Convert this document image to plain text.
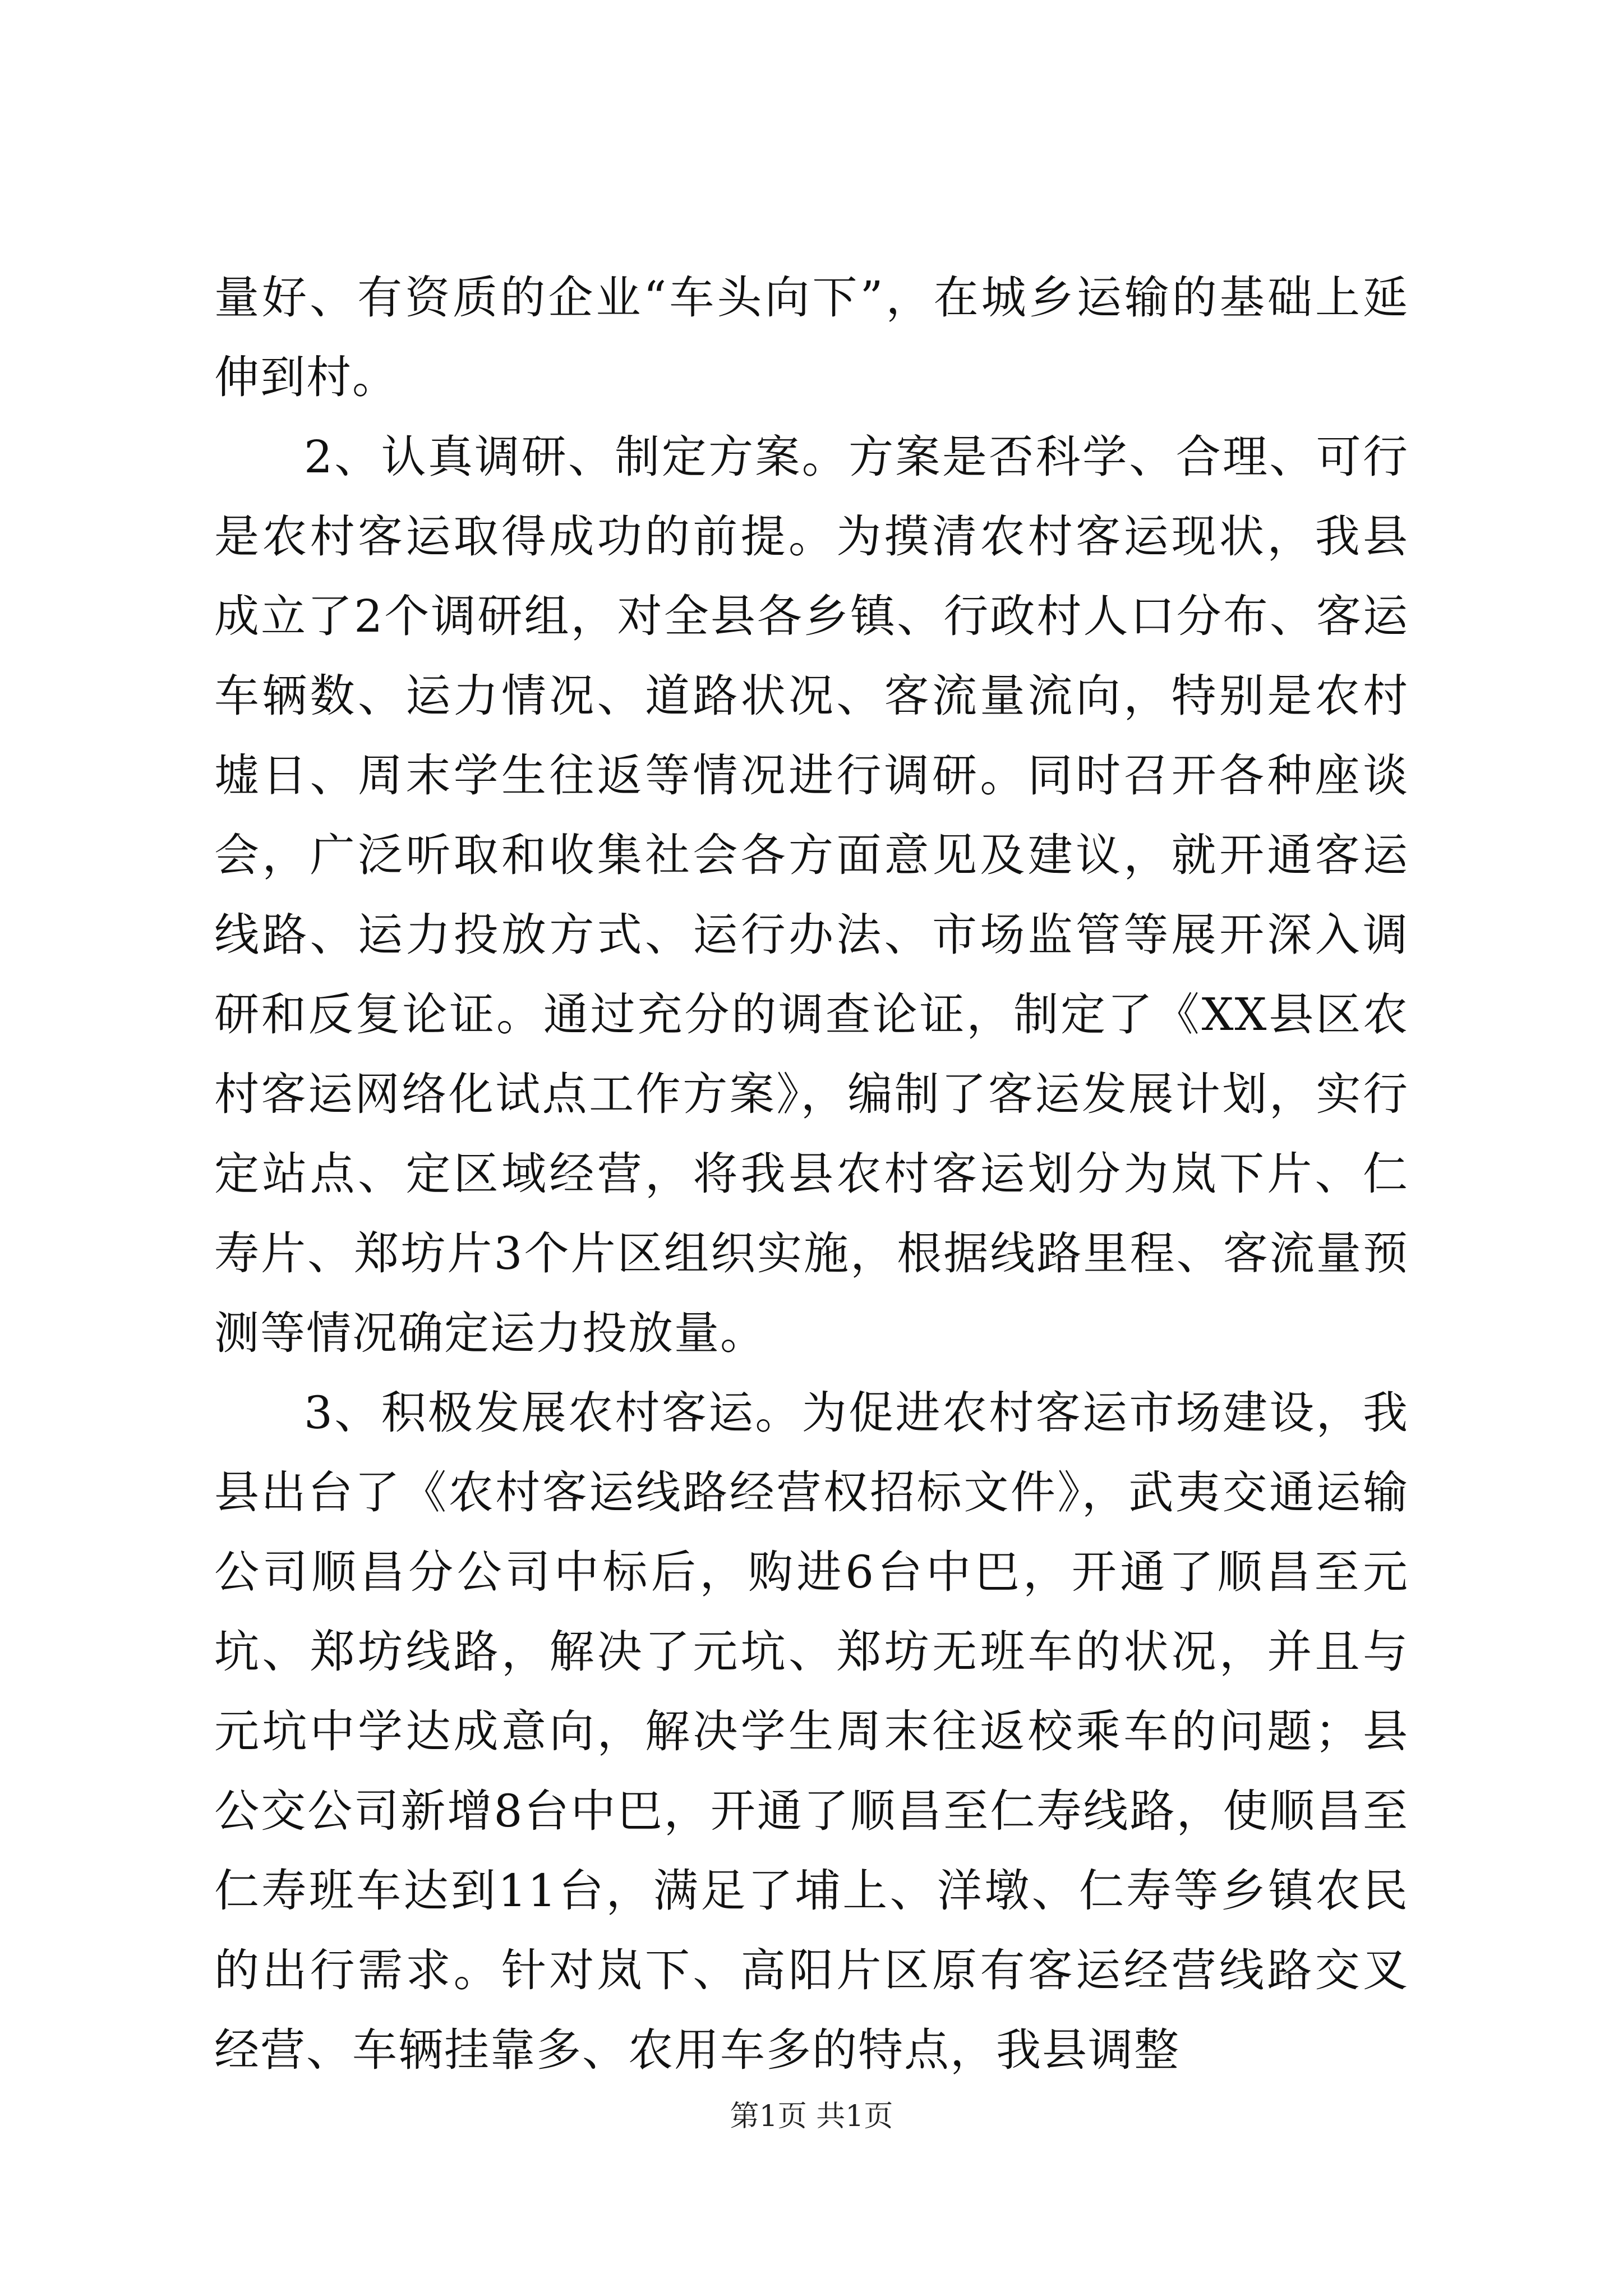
量好、有资质的企业“车头向下”，在城乡运输的基础上延伸到村。

2、认真调研、制定方案。方案是否科学、合理、可行是农村客运取得成功的前提。为摸清农村客运现状，我县成立了2个调研组，对全县各乡镇、行政村人口分布、客运车辆数、运力情况、道路状况、客流量流向，特别是农村墟日、周末学生往返等情况进行调研。同时召开各种座谈会，广泛听取和收集社会各方面意见及建议，就开通客运线路、运力投放方式、运行办法、市场监管等展开深入调研和反复论证。通过充分的调查论证，制定了《XX县区农村客运网络化试点工作方案》，编制了客运发展计划，实行定站点、定区域经营，将我县农村客运划分为岚下片、仁寿片、郑坊片3个片区组织实施，根据线路里程、客流量预测等情况确定运力投放量。

3、积极发展农村客运。为促进农村客运市场建设，我县出台了《农村客运线路经营权招标文件》，武夷交通运输公司顺昌分公司中标后，购进6台中巴，开通了顺昌至元坑、郑坊线路，解决了元坑、郑坊无班车的状况，并且与元坑中学达成意向，解决学生周末往返校乘车的问题；县公交公司新增8台中巴，开通了顺昌至仁寿线路，使顺昌至仁寿班车达到11台，满足了埔上、洋墩、仁寿等乡镇农民的出行需求。针对岚下、高阳片区原有客运经营线路交叉经营、车辆挂靠多、农用车多的特点，我县调整

第1页 共1页
